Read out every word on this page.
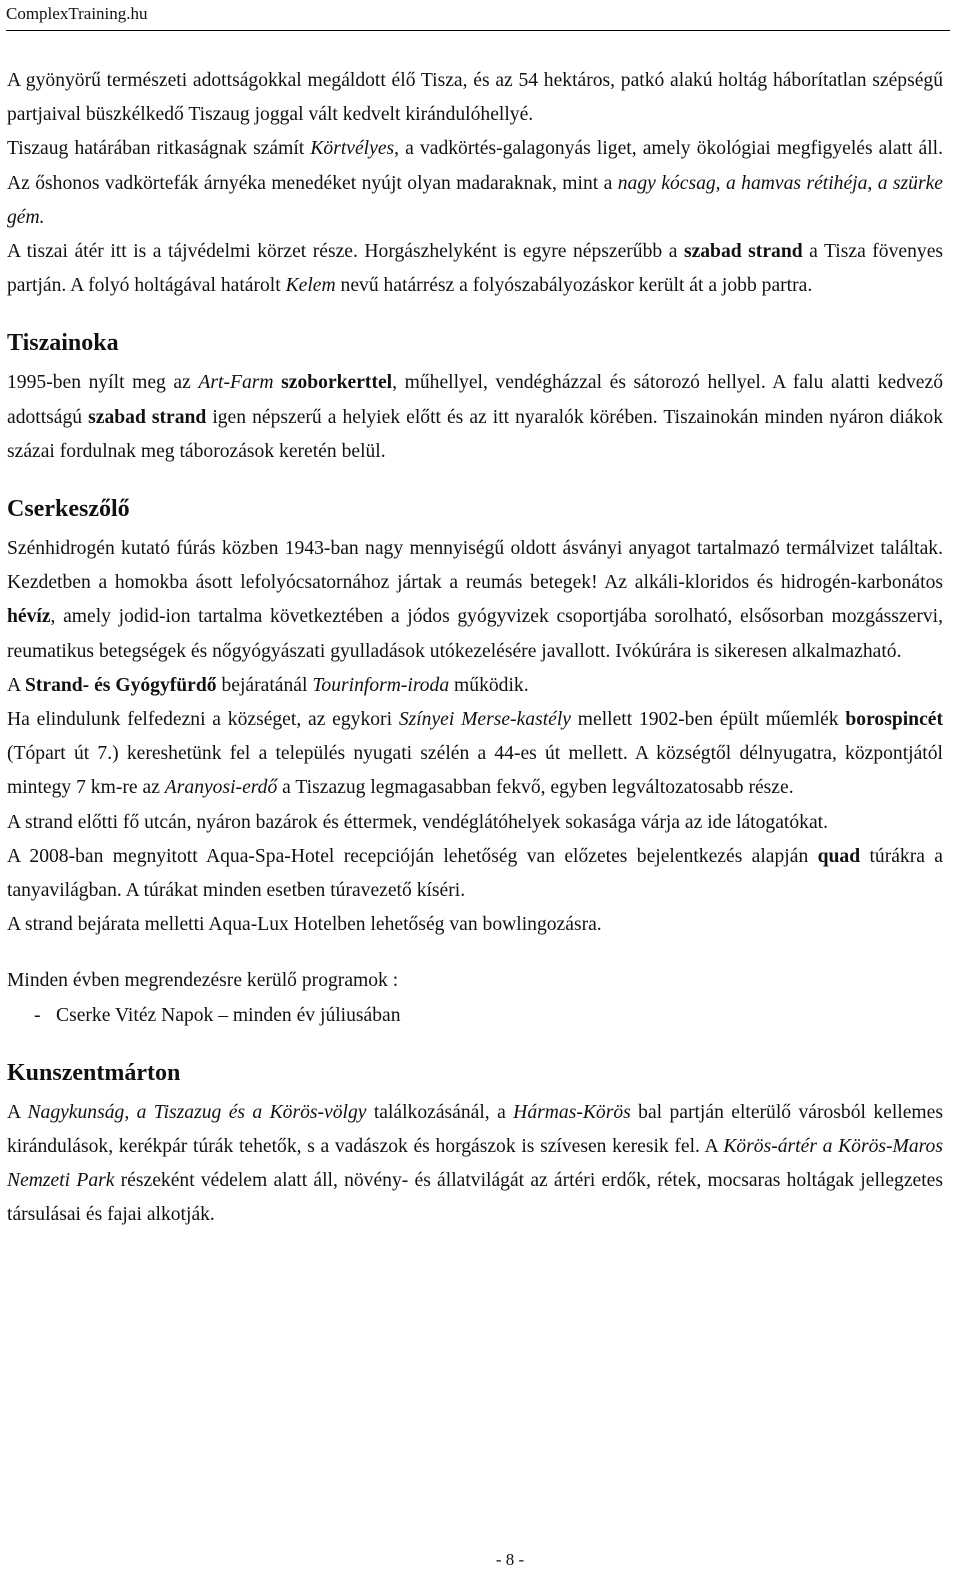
ComplexTraining.hu

A gyönyörű természeti adottságokkal megáldott élő Tisza, és az 54 hektáros, patkó alakú holtág háborítatlan szépségű partjaival büszkélkedő Tiszaug joggal vált kedvelt kirándulóhellyé.

Tiszaug határában ritkaságnak számít Körtvélyes, a vadkörtés-galagonyás liget, amely ökológiai megfigyelés alatt áll. Az őshonos vadkörtefák árnyéka menedéket nyújt olyan madaraknak, mint a nagy kócsag, a hamvas rétihéja, a szürke gém.

A tiszai átér itt is a tájvédelmi körzet része. Horgászhelyként is egyre népszerűbb a szabad strand a Tisza fövenyes partján. A folyó holtágával határolt Kelem nevű határrész a folyószabályozáskor került át a jobb partra.

Tiszainoka

1995-ben nyílt meg az Art-Farm szoborkerttel, műhellyel, vendégházzal és sátorozó hellyel. A falu alatti kedvező adottságú szabad strand igen népszerű a helyiek előtt és az itt nyaralók körében. Tiszainokán minden nyáron diákok százai fordulnak meg táborozások keretén belül.

Cserkeszőlő

Szénhidrogén kutató fúrás közben 1943-ban nagy mennyiségű oldott ásványi anyagot tartalmazó termálvizet találtak. Kezdetben a homokba ásott lefolyócsatornához jártak a reumás betegek! Az alkáli-kloridos és hidrogén-karbonátos hévíz, amely jodid-ion tartalma következtében a jódos gyógyvizek csoportjába sorolható, elsősorban mozgásszervi, reumatikus betegségek és nőgyógyászati gyulladások utókezelésére javallott. Ivókúrára is sikeresen alkalmazható.

A Strand- és Gyógyfürdő bejáratánál Tourinform-iroda működik.

Ha elindulunk felfedezni a községet, az egykori Színyei Merse-kastély mellett 1902-ben épült műemlék borospincét (Tópart út 7.) kereshetünk fel a település nyugati szélén a 44-es út mellett. A községtől délnyugatra, központjától mintegy 7 km-re az Aranyosi-erdő a Tiszazug legmagasabban fekvő, egyben legváltozatosabb része.

A strand előtti fő utcán, nyáron bazárok és éttermek, vendéglátóhelyek sokasága várja az ide látogatókat.

A 2008-ban megnyitott Aqua-Spa-Hotel recepcióján lehetőség van előzetes bejelentkezés alapján quad túrákra a tanyavilágban. A túrákat minden esetben túravezető kíséri.

A strand bejárata melletti Aqua-Lux Hotelben lehetőség van bowlingozásra.

Minden évben megrendezésre kerülő programok :

- Cserke Vitéz Napok – minden év júliusában
Kunszentmárton

A Nagykunság, a Tiszazug és a Körös-völgy találkozásánál, a Hármas-Körös bal partján elterülő városból kellemes kirándulások, kerékpár túrák tehetők, s a vadászok és horgászok is szívesen keresik fel. A Körös-ártér a Körös-Maros Nemzeti Park részeként védelem alatt áll, növény- és állatvilágát az ártéri erdők, rétek, mocsaras holtágak jellegzetes társulásai és fajai alkotják.

- 8 -
